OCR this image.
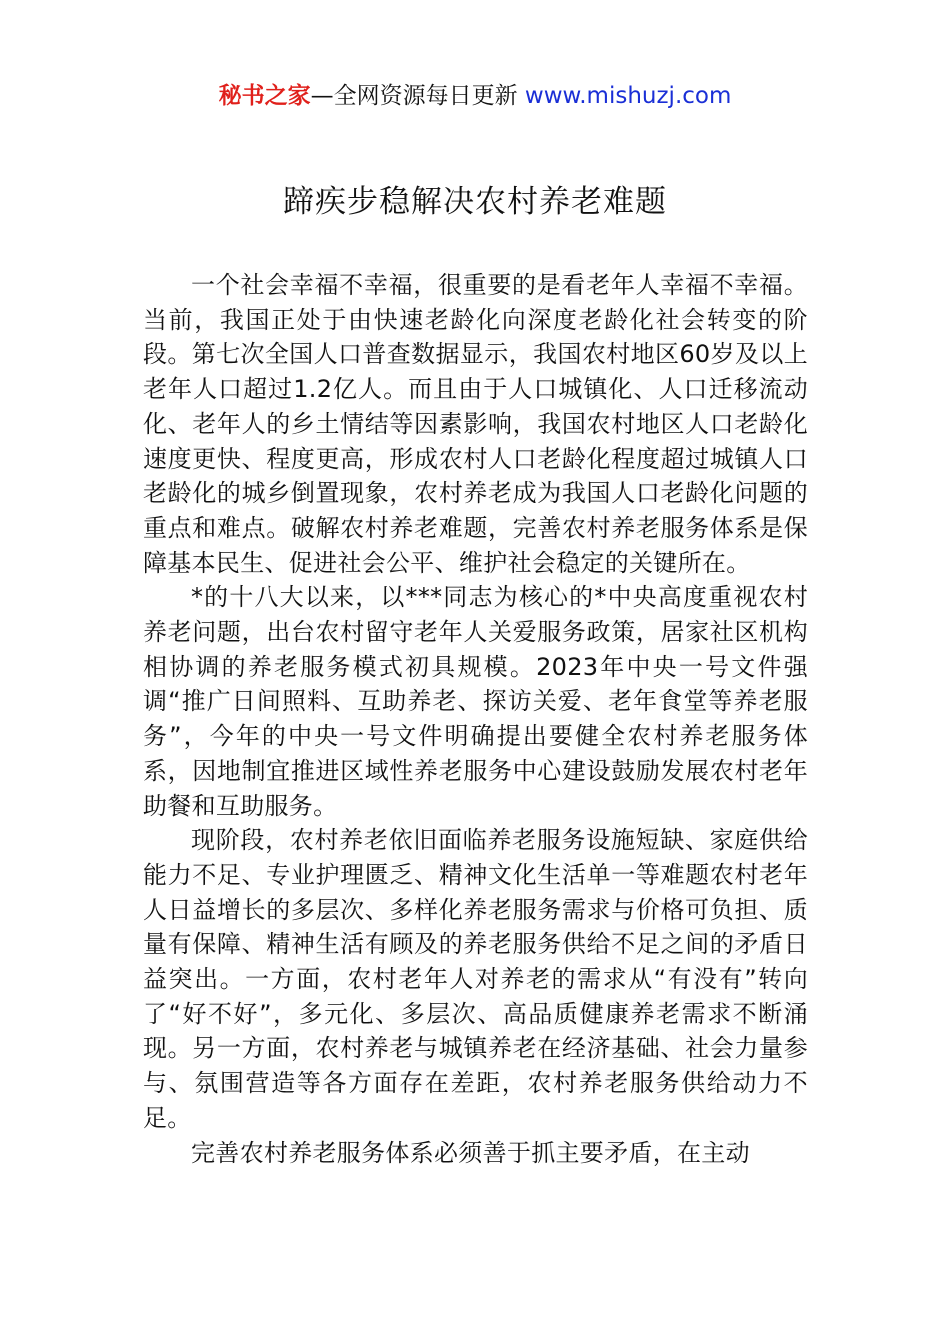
秘书之家—全网资源每日更新 www.mishuzj.com
蹄疾步稳解决农村养老难题

一个社会幸福不幸福，很重要的是看老年人幸福不幸福。当前，我国正处于由快速老龄化向深度老龄化社会转变的阶段。第七次全国人口普查数据显示，我国农村地区60岁及以上老年人口超过1.2亿人。而且由于人口城镇化、人口迁移流动化、老年人的乡土情结等因素影响，我国农村地区人口老龄化速度更快、程度更高，形成农村人口老龄化程度超过城镇人口老龄化的城乡倒置现象，农村养老成为我国人口老龄化问题的重点和难点。破解农村养老难题，完善农村养老服务体系是保障基本民生、促进社会公平、维护社会稳定的关键所在。

*的十八大以来，以***同志为核心的*中央高度重视农村养老问题，出台农村留守老年人关爱服务政策，居家社区机构相协调的养老服务模式初具规模。2023年中央一号文件强调“推广日间照料、互助养老、探访关爱、老年食堂等养老服务”，今年的中央一号文件明确提出要健全农村养老服务体系，因地制宜推进区域性养老服务中心建设鼓励发展农村老年助餐和互助服务。

现阶段，农村养老依旧面临养老服务设施短缺、家庭供给能力不足、专业护理匮乏、精神文化生活单一等难题农村老年人日益增长的多层次、多样化养老服务需求与价格可负担、质量有保障、精神生活有顾及的养老服务供给不足之间的矛盾日益突出。一方面，农村老年人对养老的需求从“有没有”转向了“好不好”，多元化、多层次、高品质健康养老需求不断涌现。另一方面，农村养老与城镇养老在经济基础、社会力量参与、氛围营造等各方面存在差距，农村养老服务供给动力不足。

完善农村养老服务体系必须善于抓主要矛盾，在主动
